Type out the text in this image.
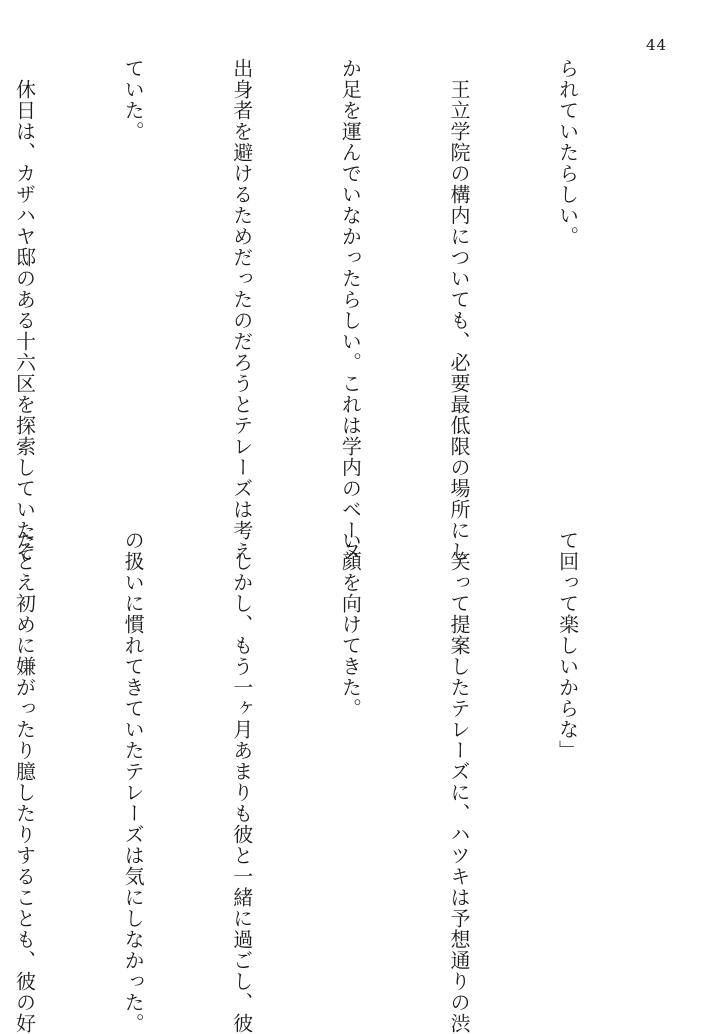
44

られていたらしい。

　王立学院の構内についても、必要最低限の場所にし

か足を運んでいなかったらしい。これは学内のベーヌ

出身者を避けるためだったのだろうとテレーズは考え

ていた。

　休日は、カザハヤ邸のある十六区を探索していたそ

て回って楽しいからな」

　笑って提案したテレーズに、ハツキは予想通りの渋

い顔を向けてきた。

　しかし、もう一ヶ月あまりも彼と一緒に過ごし、彼

の扱いに慣れてきていたテレーズは気にしなかった。

たとえ初めに嫌がったり臆したりすることも、彼の好
